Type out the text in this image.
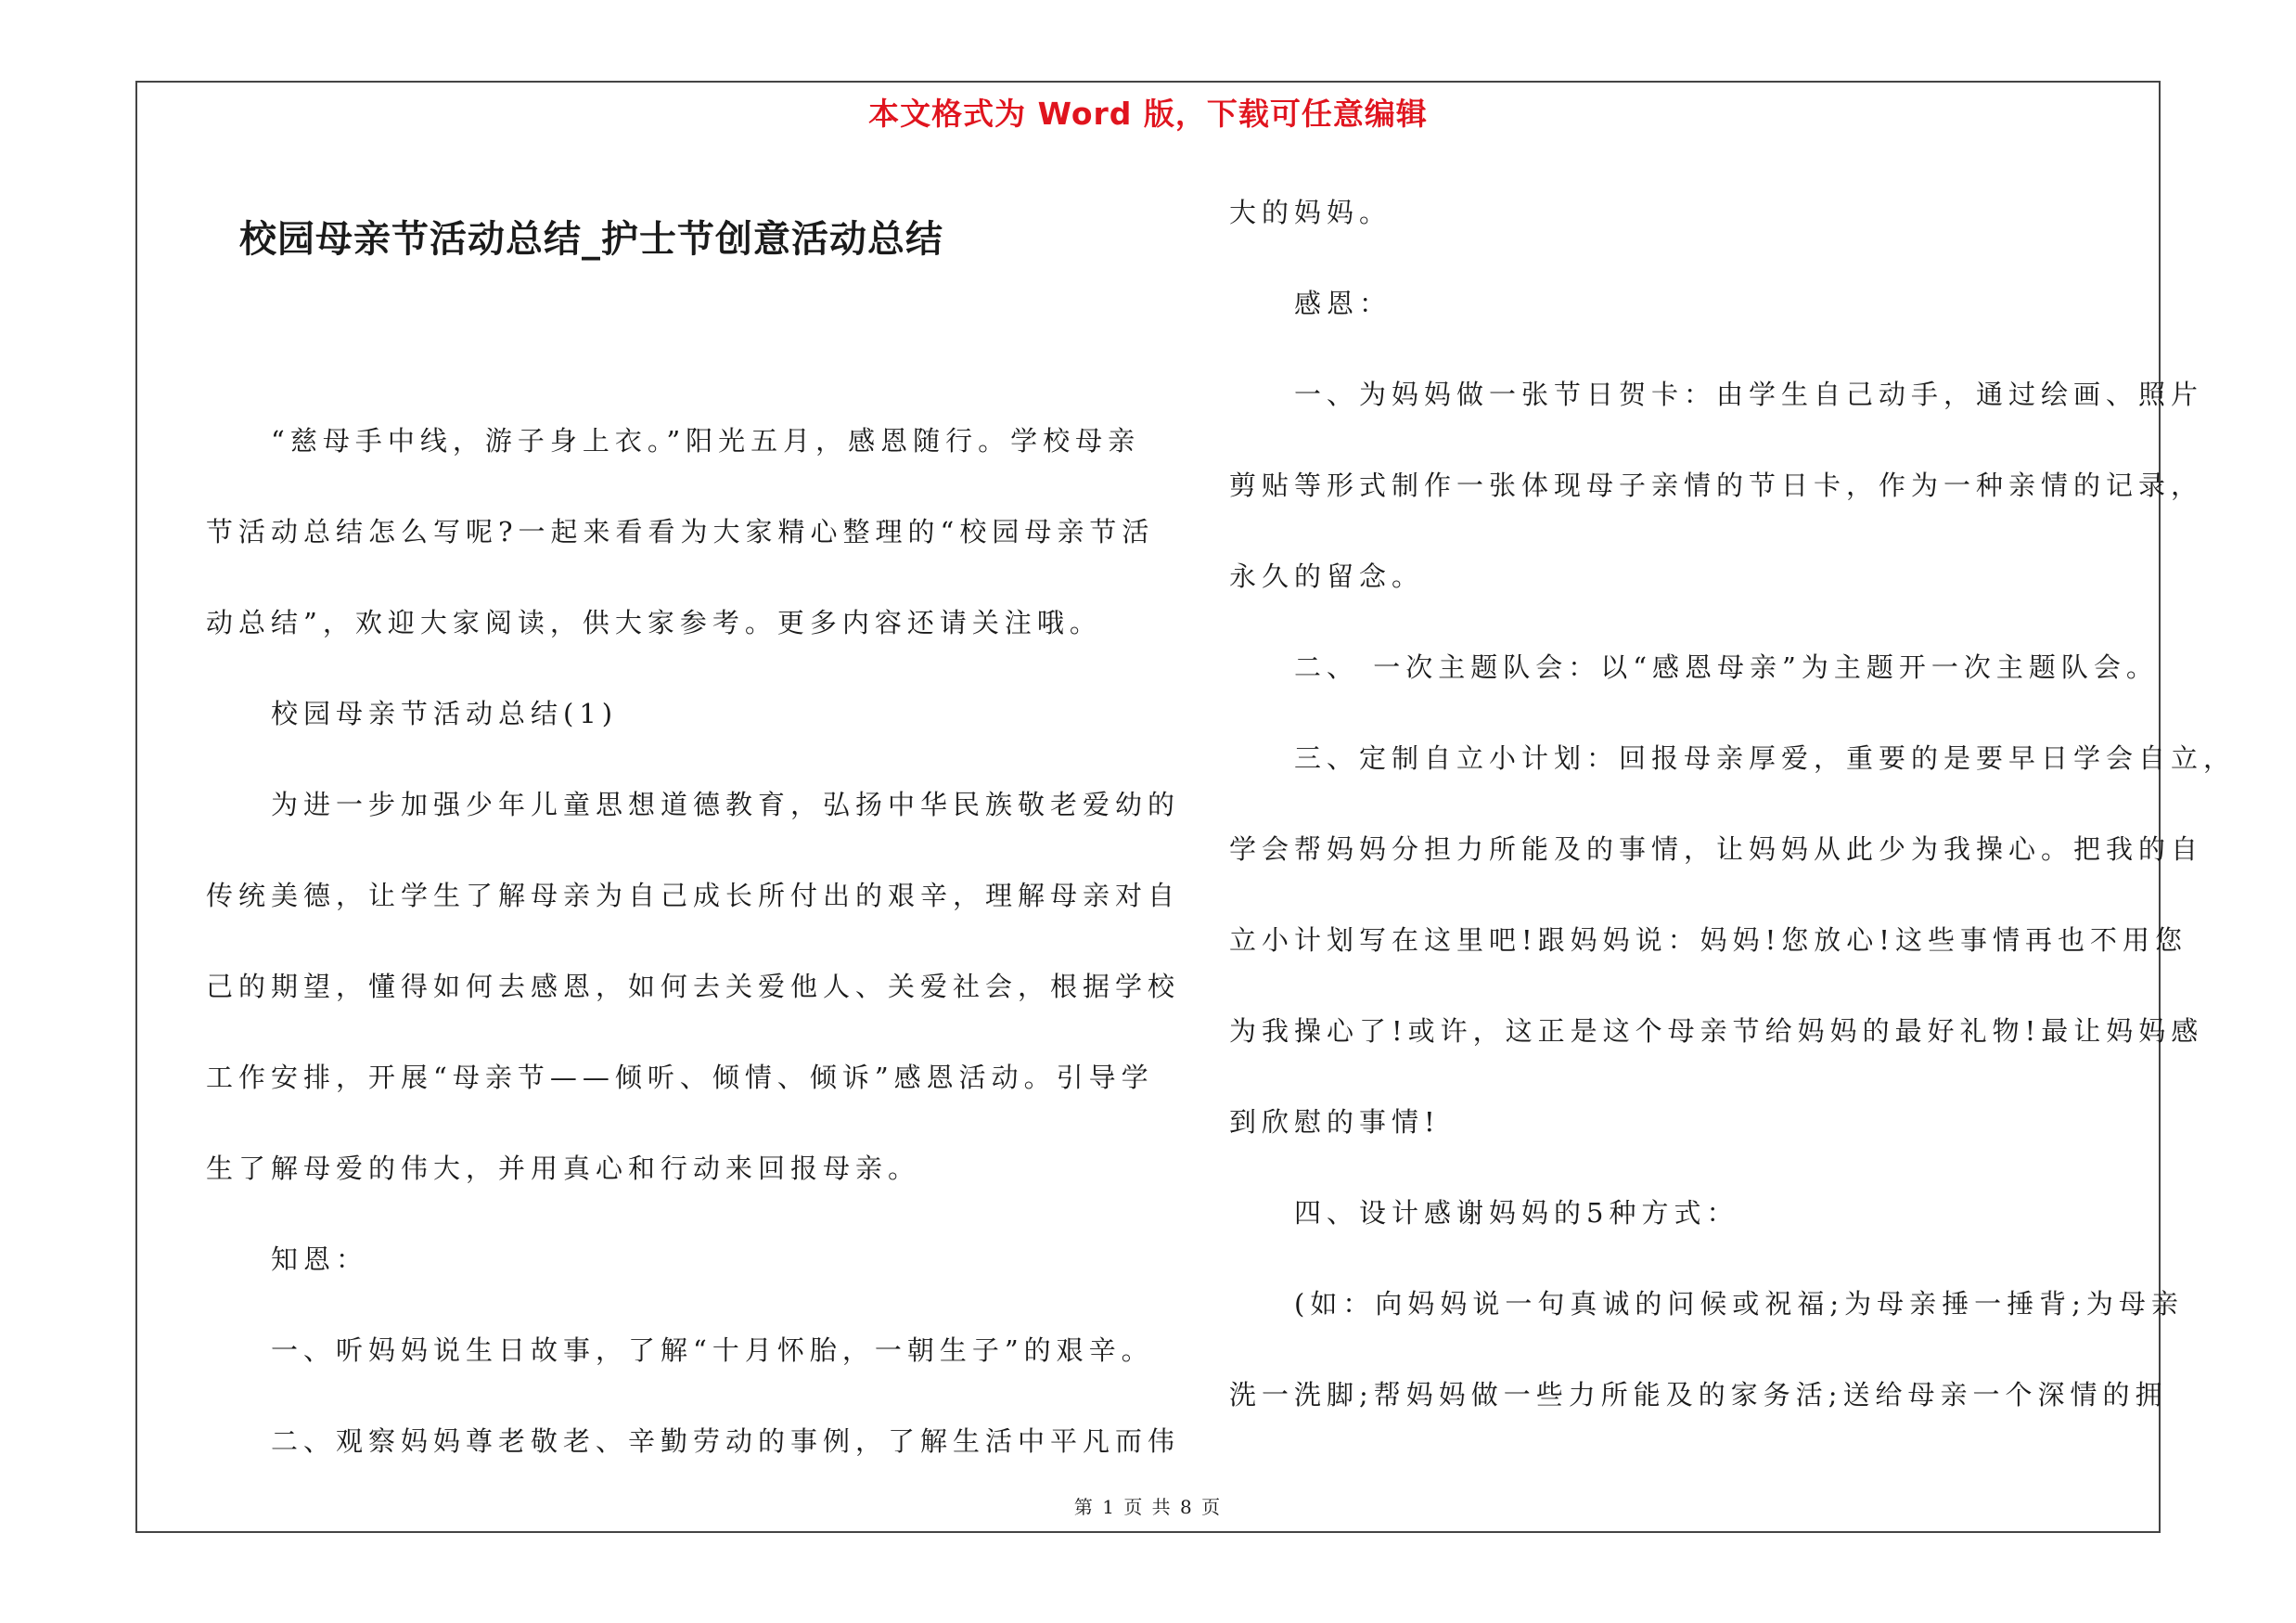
本文格式为 Word 版，下载可任意编辑
校园母亲节活动总结_护士节创意活动总结
　　“慈母手中线，游子身上衣。”阳光五月，感恩随行。学校母亲
节活动总结怎么写呢?一起来看看为大家精心整理的“校园母亲节活
动总结”，欢迎大家阅读，供大家参考。更多内容还请关注哦。
　　校园母亲节活动总结(1)
　　为进一步加强少年儿童思想道德教育，弘扬中华民族敬老爱幼的
传统美德，让学生了解母亲为自己成长所付出的艰辛，理解母亲对自
己的期望，懂得如何去感恩，如何去关爱他人、关爱社会，根据学校
工作安排，开展“母亲节——倾听、倾情、倾诉”感恩活动。引导学
生了解母爱的伟大，并用真心和行动来回报母亲。
　　知恩：
　　一、听妈妈说生日故事，了解“十月怀胎，一朝生子”的艰辛。
　　二、观察妈妈尊老敬老、辛勤劳动的事例，了解生活中平凡而伟
大的妈妈。
　　感恩：
　　一、为妈妈做一张节日贺卡：由学生自己动手，通过绘画、照片
剪贴等形式制作一张体现母子亲情的节日卡，作为一种亲情的记录，
永久的留念。
　　二、 一次主题队会：以“感恩母亲”为主题开一次主题队会。
　　三、定制自立小计划：回报母亲厚爱，重要的是要早日学会自立，
学会帮妈妈分担力所能及的事情，让妈妈从此少为我操心。把我的自
立小计划写在这里吧!跟妈妈说：妈妈!您放心!这些事情再也不用您
为我操心了!或许，这正是这个母亲节给妈妈的最好礼物!最让妈妈感
到欣慰的事情!
　　四、设计感谢妈妈的5种方式：
　　(如：向妈妈说一句真诚的问候或祝福;为母亲捶一捶背;为母亲
洗一洗脚;帮妈妈做一些力所能及的家务活;送给母亲一个深情的拥
第 1 页 共 8 页
